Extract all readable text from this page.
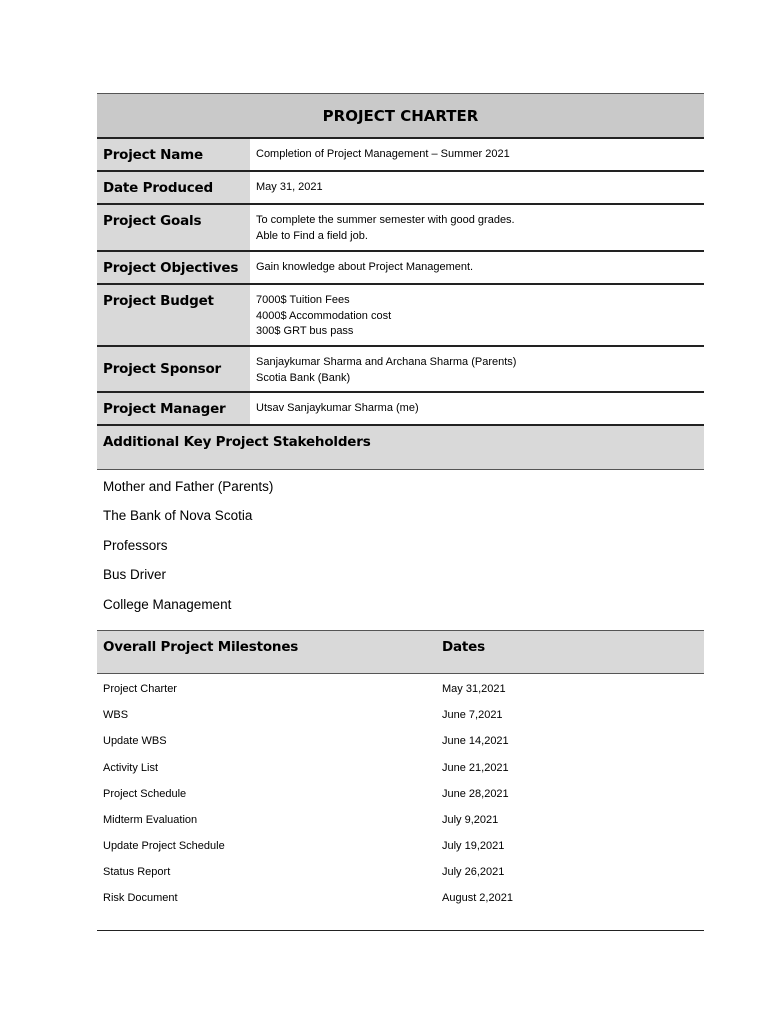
PROJECT CHARTER
Project Name	Completion of Project Management – Summer 2021
Date Produced	May 31, 2021
Project Goals	To complete the summer semester with good grades.
Able to Find a field job.
Project Objectives	Gain knowledge about Project Management.
Project Budget	7000$ Tuition Fees
4000$ Accommodation cost
300$ GRT bus pass
Project Sponsor	Sanjaykumar Sharma and Archana Sharma (Parents)
Scotia Bank (Bank)
Project Manager	Utsav Sanjaykumar Sharma (me)
Additional Key Project Stakeholders
Mother and Father (Parents)
The Bank of Nova Scotia
Professors
Bus Driver
College Management
Overall Project Milestones	Dates
Project Charter	May 31,2021
WBS	June 7,2021
Update WBS	June 14,2021
Activity List	June 21,2021
Project Schedule	June 28,2021
Midterm Evaluation	July 9,2021
Update Project Schedule	July 19,2021
Status Report	July 26,2021
Risk Document	August 2,2021
